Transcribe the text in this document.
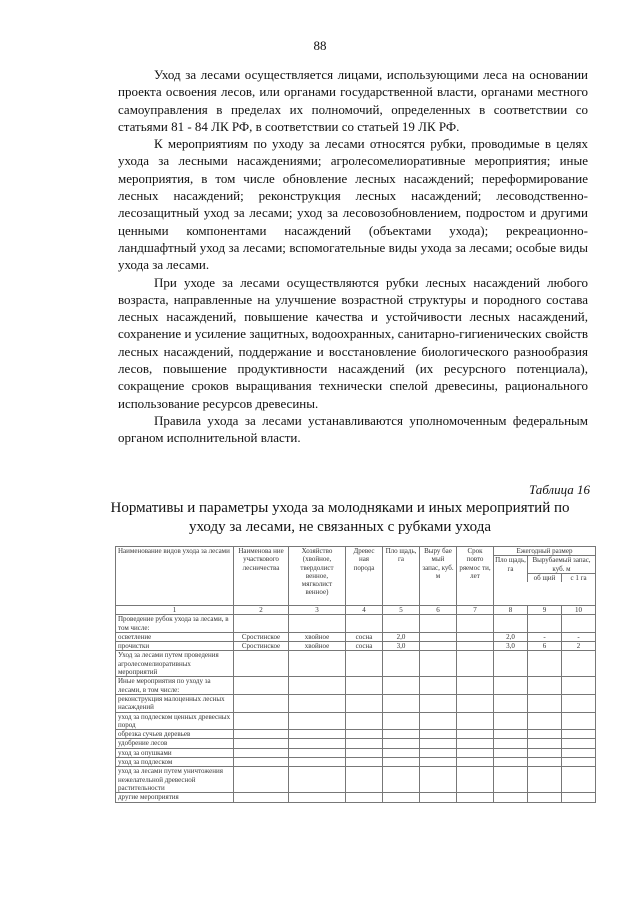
88

Уход за лесами осуществляется лицами, использующими леса на основании проекта освоения лесов, или органами государственной власти, органами местного самоуправления в пределах их полномочий, определенных в соответствии со статьями 81 - 84 ЛК РФ, в соответствии со статьей 19 ЛК РФ.

К мероприятиям по уходу за лесами относятся рубки, проводимые в целях ухода за лесными насаждениями; агролесомелиоративные мероприятия; иные мероприятия, в том числе обновление лесных насаждений; переформирование лесных насаждений; реконструкция лесных насаждений; лесоводственно-лесозащитный уход за лесами; уход за лесовозобновлением, подростом и другими ценными компонентами насаждений (объектами ухода); рекреационно-ландшафтный уход за лесами; вспомогательные виды ухода за лесами; особые виды ухода за лесами.

При уходе за лесами осуществляются рубки лесных насаждений любого возраста, направленные на улучшение возрастной структуры и породного состава лесных насаждений, повышение качества и устойчивости лесных насаждений, сохранение и усиление защитных, водоохранных, санитарно-гигиенических свойств лесных насаждений, поддержание и восстановление биологического разнообразия лесов, повышение продуктивности насаждений (их ресурсного потенциала), сокращение сроков выращивания технически спелой древесины, рационального использование ресурсов древесины.

Правила ухода за лесами устанавливаются уполномоченным федеральным органом исполнительной власти.

Таблица 16
Нормативы и параметры ухода за молодняками и иных мероприятий по уходу за лесами, не связанных с рубками ухода
Наименование видов ухода за лесами	Наименова ние участкового лесничества	Хозяйство (хвойное, твердолист венное, мягколист венное)	Древес ная порода	Пло щадь, га	Выру бае мый запас, куб. м	Срок повто ряемос ти, лет	Ежегодный размер
Пло щадь, га
Вырубаемый запас, куб. м
об щий с 1 га		

1	2	3	4	5	6	7	8	9	10
Проведение рубок ухода за лесами, в том числе:									
осветление	Сростинское	хвойное	сосна	2,0			2,0	-	-
прочистки	Сростинское	хвойное	сосна	3,0			3,0	6	2
Уход за лесами путем проведения агролесомелиоративных мероприятий									
Иные мероприятия по уходу за лесами, в том числе:									
реконструкция малоценных лесных насаждений									
уход за подлеском ценных древесных пород									
обрезка сучьев деревьев									
удобрение лесов									
уход за опушками									
уход за подлеском									
уход за лесами путем уничтожения нежелательной древесной растительности									
другие мероприятия									
